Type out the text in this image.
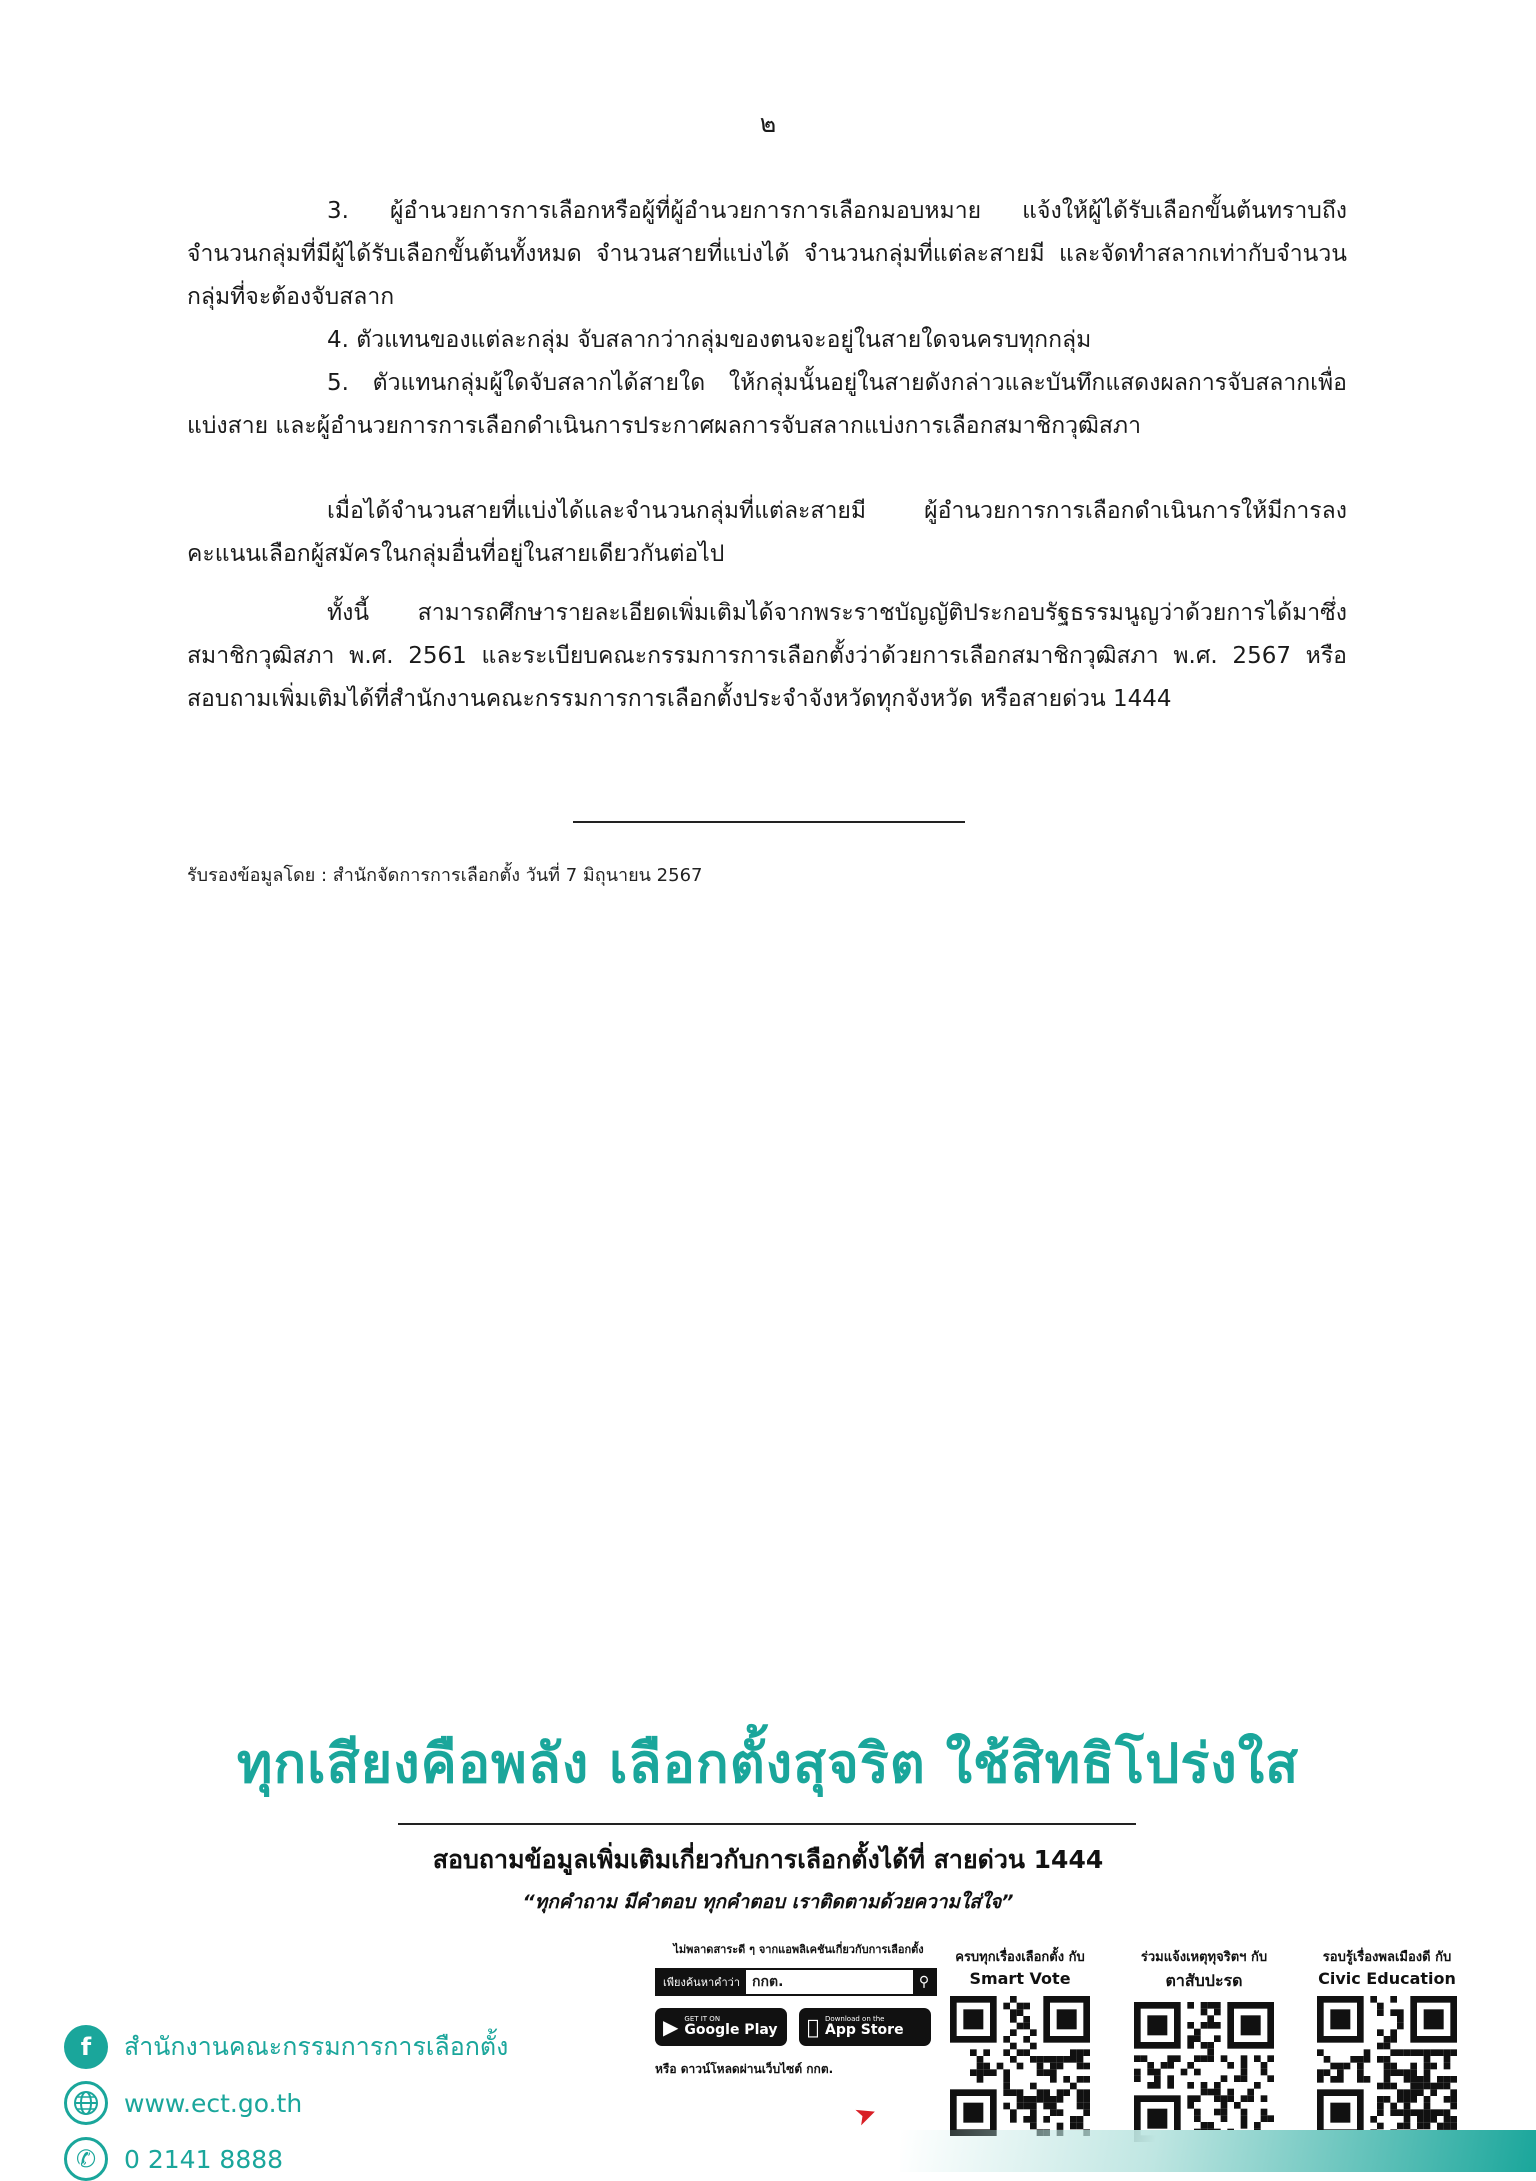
๒

3. ผู้อำนวยการการเลือกหรือผู้ที่ผู้อำนวยการการเลือกมอบหมาย แจ้งให้ผู้ได้รับเลือกขั้นต้นทราบถึงจำนวนกลุ่มที่มีผู้ได้รับเลือกขั้นต้นทั้งหมด จำนวนสายที่แบ่งได้ จำนวนกลุ่มที่แต่ละสายมี และจัดทำสลากเท่ากับจำนวนกลุ่มที่จะต้องจับสลาก

4. ตัวแทนของแต่ละกลุ่ม จับสลากว่ากลุ่มของตนจะอยู่ในสายใดจนครบทุกกลุ่ม

5. ตัวแทนกลุ่มผู้ใดจับสลากได้สายใด ให้กลุ่มนั้นอยู่ในสายดังกล่าวและบันทึกแสดงผลการจับสลากเพื่อแบ่งสาย และผู้อำนวยการการเลือกดำเนินการประกาศผลการจับสลากแบ่งการเลือกสมาชิกวุฒิสภา

เมื่อได้จำนวนสายที่แบ่งได้และจำนวนกลุ่มที่แต่ละสายมี ผู้อำนวยการการเลือกดำเนินการให้มีการลงคะแนนเลือกผู้สมัครในกลุ่มอื่นที่อยู่ในสายเดียวกันต่อไป

ทั้งนี้ สามารถศึกษารายละเอียดเพิ่มเติมได้จากพระราชบัญญัติประกอบรัฐธรรมนูญว่าด้วยการได้มาซึ่งสมาชิกวุฒิสภา พ.ศ. 2561 และระเบียบคณะกรรมการการเลือกตั้งว่าด้วยการเลือกสมาชิกวุฒิสภา พ.ศ. 2567 หรือสอบถามเพิ่มเติมได้ที่สำนักงานคณะกรรมการการเลือกตั้งประจำจังหวัดทุกจังหวัด หรือสายด่วน 1444

รับรองข้อมูลโดย : สำนักจัดการการเลือกตั้ง วันที่ 7 มิถุนายน 2567
ทุกเสียงคือพลัง เลือกตั้งสุจริต ใช้สิทธิโปร่งใส
สอบถามข้อมูลเพิ่มเติมเกี่ยวกับการเลือกตั้งได้ที่ สายด่วน 1444
“ทุกคำถาม มีคำตอบ ทุกคำตอบ เราติดตามด้วยความใส่ใจ”
f	สำนักงานคณะกรรมการการเลือกตั้ง
www.ect.go.th
✆	0 2141 8888
ไม่พลาดสาระดี ๆ จากแอพลิเคชันเกี่ยวกับการเลือกตั้ง
เพียงค้นหาคำว่า กกต.	⚲
▶ GET IT ON
Google Play
Download on the
App Store
หรือ ดาวน์โหลดผ่านเว็บไซต์ กกต.
➤
ครบทุกเรื่องเลือกตั้ง กับ
Smart Vote
ร่วมแจ้งเหตุทุจริตฯ กับ
ตาสับปะรด
รอบรู้เรื่องพลเมืองดี กับ
Civic Education
